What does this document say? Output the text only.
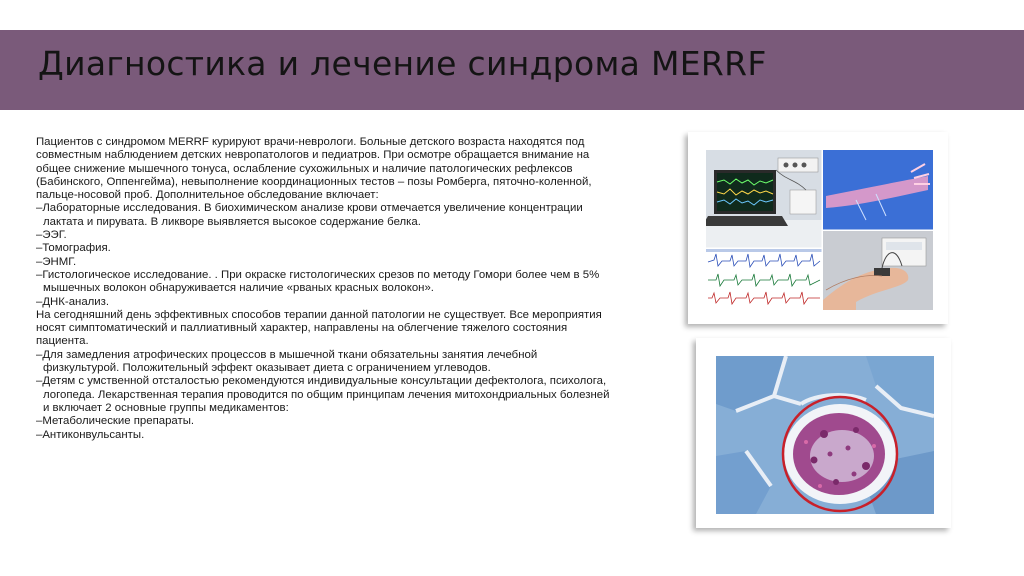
Диагностика и лечение синдрома MERRF

Пациентов с синдромом MERRF курируют врачи-неврологи. Больные детского возраста находятся под совместным наблюдением детских невропатологов и педиатров. При осмотре обращается внимание на общее снижение мышечного тонуса, ослабление сухожильных и наличие патологических рефлексов (Бабинского, Оппенгейма), невыполнение координационных тестов – позы Ромберга, пяточно-коленной, пальце-носовой проб. Дополнительное обследование включает:

–Лабораторные исследования. В биохимическом анализе крови отмечается увеличение концентрации лактата и пирувата. В ликворе выявляется высокое содержание белка.

–ЭЭГ.

–Томография.

–ЭНМГ.

–Гистологическое исследование. . При окраске гистологических срезов по методу Гомори более чем в 5% мышечных волокон обнаруживается наличие «рваных красных волокон».

–ДНК-анализ.

На сегодняшний день эффективных способов терапии данной патологии не существует. Все мероприятия носят симптоматический и паллиативный характер, направлены на облегчение тяжелого состояния пациента.

–Для замедления атрофических процессов в мышечной ткани обязательны занятия лечебной физкультурой. Положительный эффект оказывает диета с ограничением углеводов.

–Детям с умственной отсталостью рекомендуются индивидуальные консультации дефектолога, психолога, логопеда. Лекарственная терапия проводится по общим принципам лечения митохондриальных болезней и включает 2 основные группы медикаментов:

–Метаболические препараты.

–Антиконвульсанты.
